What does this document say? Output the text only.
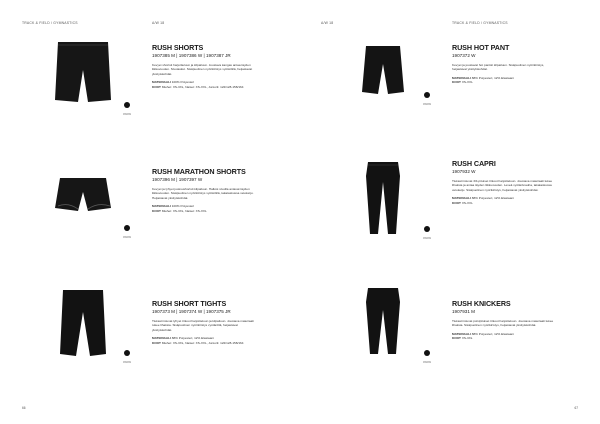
TRACK & FIELD / GYMNASTICS	A/W 18	A/W 18	TRACK & FIELD / GYMNASTICS
66	67
999999
RUSH SHORTS
1907385 M | 1907386 W | 1907387 JR
Kevyet shortsit harjoitteluun ja kilpailuun. Joustava kangas antaa täyden liikkuvuuden. Sivutaskut. Sisäpuolinen nyörikiristys vyötäröllä, heijastavat yksityiskohdat.
MATERIAALI 100% Polyesteri
KOOT Miehet: XS-3XL, Naiset: XS-XXL, Juniorit: 122/128-158/164
999999
RUSH MARATHON SHORTS
1907396 M | 1907397 W
Kevyet ja lyhyet juoksushortsit kilpailuun. Halkiot sivuilla antavat täyden liikkuvuuden. Sisäpuolinen nyörikiristys vyötäröllä, takataskussa vetoketju. Heijastavat yksityiskohdat.
MATERIAALI 100% Polyesteri
KOOT Miehet: XS-3XL, Naiset: XS-XXL
999999
RUSH SHORT TIGHTS
1907373 M | 1907374 W | 1907375 JR
Tiukasti istuvat lyhyet trikoot harjoitteluun ja kilpailuun. Joustava materiaali tukee lihaksia. Sisäpuolinen nyörikiristys vyötäröllä, heijastavat yksityiskohdat.
MATERIAALI 88% Polyesteri, 12% Elastaani
KOOT Miehet: XS-3XL, Naiset: XS-XXL, Juniorit: 122/128-158/164
999999
RUSH HOT PANT
1907372 W
Kevyet ja joustavat hot pantsit kilpailuun. Sisäpuolinen nyörikiristys, heijastavat yksityiskohdat.
MATERIAALI 88% Polyesteri, 12% Elastaani
KOOT XS-XXL
999999
RUSH CAPRI
1907932 W
Tiukasti istuvat 3/4-pituiset trikoot harjoitteluun. Joustava materiaali tukee lihaksia ja antaa täyden liikkuvuuden. Leveä vyötärönauha, takataskussa vetoketju. Sisäpuolinen nyörikiristys, heijastavat yksityiskohdat.
MATERIAALI 88% Polyesteri, 12% Elastaani
KOOT XS-XXL
999999
RUSH KNICKERS
1907931 M
Tiukasti istuvat polvipituiset trikoot harjoitteluun. Joustava materiaali tukee lihaksia. Sisäpuolinen nyörikiristys, heijastavat yksityiskohdat.
MATERIAALI 88% Polyesteri, 12% Elastaani
KOOT XS-3XL
